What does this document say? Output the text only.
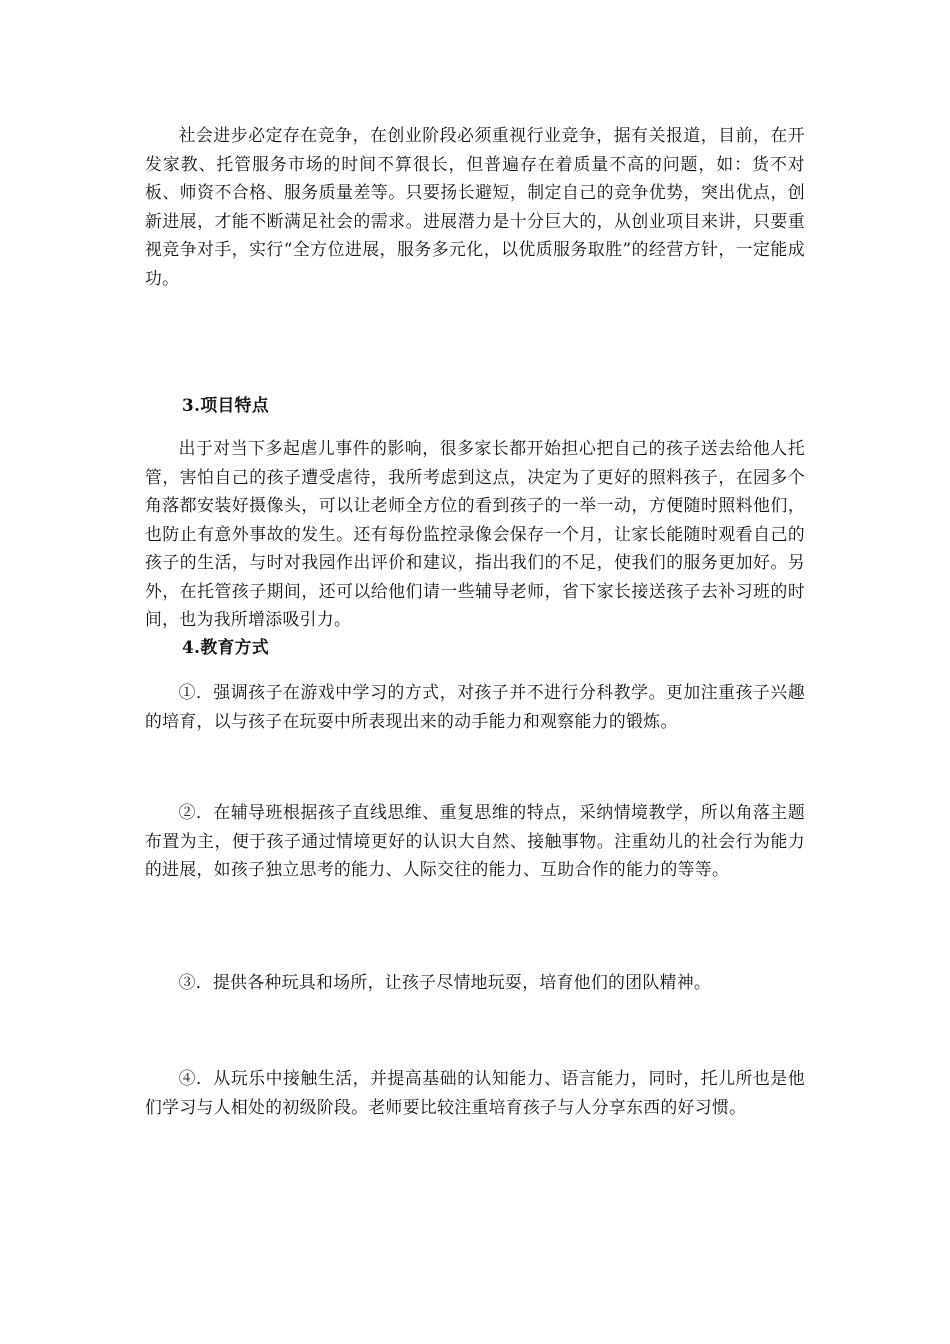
社会进步必定存在竞争，在创业阶段必须重视行业竞争，据有关报道，目前，在开发家教、托管服务市场的时间不算很长，但普遍存在着质量不高的问题，如：货不对板、师资不合格、服务质量差等。只要扬长避短，制定自己的竞争优势，突出优点，创新进展，才能不断满足社会的需求。进展潜力是十分巨大的，从创业项目来讲，只要重视竞争对手，实行“全方位进展，服务多元化，以优质服务取胜”的经营方针，一定能成功。

3.项目特点

出于对当下多起虐儿事件的影响，很多家长都开始担心把自己的孩子送去给他人托管，害怕自己的孩子遭受虐待，我所考虑到这点，决定为了更好的照料孩子，在园多个角落都安装好摄像头，可以让老师全方位的看到孩子的一举一动，方便随时照料他们，也防止有意外事故的发生。还有每份监控录像会保存一个月，让家长能随时观看自己的孩子的生活，与时对我园作出评价和建议，指出我们的不足，使我们的服务更加好。另外，在托管孩子期间，还可以给他们请一些辅导老师，省下家长接送孩子去补习班的时间，也为我所增添吸引力。

4.教育方式

①．强调孩子在游戏中学习的方式，对孩子并不进行分科教学。更加注重孩子兴趣的培育，以与孩子在玩耍中所表现出来的动手能力和观察能力的锻炼。

②．在辅导班根据孩子直线思维、重复思维的特点，采纳情境教学，所以角落主题布置为主，便于孩子通过情境更好的认识大自然、接触事物。注重幼儿的社会行为能力的进展，如孩子独立思考的能力、人际交往的能力、互助合作的能力的等等。

③．提供各种玩具和场所，让孩子尽情地玩耍，培育他们的团队精神。

④．从玩乐中接触生活，并提高基础的认知能力、语言能力，同时，托儿所也是他们学习与人相处的初级阶段。老师要比较注重培育孩子与人分享东西的好习惯。
